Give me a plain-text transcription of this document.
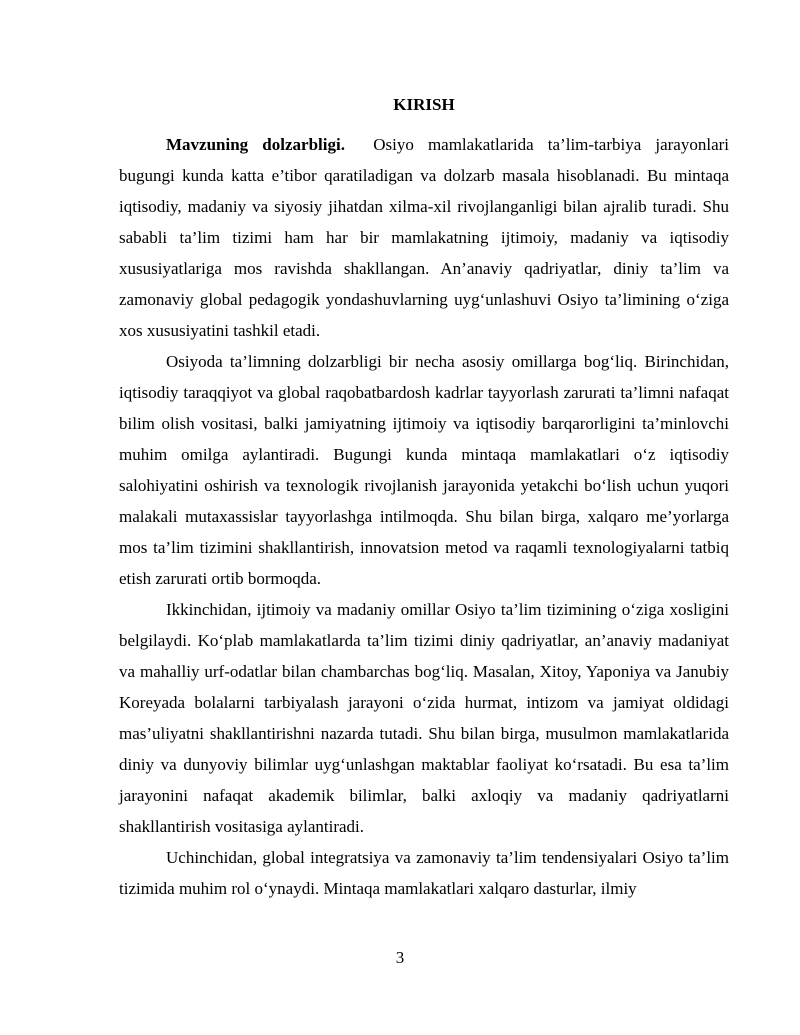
KIRISH

Mavzuning dolzarbligi. Osiyo mamlakatlarida ta’lim-tarbiya jarayonlari bugungi kunda katta e’tibor qaratiladigan va dolzarb masala hisoblanadi. Bu mintaqa iqtisodiy, madaniy va siyosiy jihatdan xilma-xil rivojlanganligi bilan ajralib turadi. Shu sababli ta’lim tizimi ham har bir mamlakatning ijtimoiy, madaniy va iqtisodiy xususiyatlariga mos ravishda shakllangan. An’anaviy qadriyatlar, diniy ta’lim va zamonaviy global pedagogik yondashuvlarning uyg‘unlashuvi Osiyo ta’limining o‘ziga xos xususiyatini tashkil etadi.

Osiyoda ta’limning dolzarbligi bir necha asosiy omillarga bog‘liq. Birinchidan, iqtisodiy taraqqiyot va global raqobatbardosh kadrlar tayyorlash zarurati ta’limni nafaqat bilim olish vositasi, balki jamiyatning ijtimoiy va iqtisodiy barqarorligini ta’minlovchi muhim omilga aylantiradi. Bugungi kunda mintaqa mamlakatlari o‘z iqtisodiy salohiyatini oshirish va texnologik rivojlanish jarayonida yetakchi bo‘lish uchun yuqori malakali mutaxassislar tayyorlashga intilmoqda. Shu bilan birga, xalqaro me’yorlarga mos ta’lim tizimini shakllantirish, innovatsion metod va raqamli texnologiyalarni tatbiq etish zarurati ortib bormoqda.

Ikkinchidan, ijtimoiy va madaniy omillar Osiyo ta’lim tizimining o‘ziga xosligini belgilaydi. Ko‘plab mamlakatlarda ta’lim tizimi diniy qadriyatlar, an’anaviy madaniyat va mahalliy urf-odatlar bilan chambarchas bog‘liq. Masalan, Xitoy, Yaponiya va Janubiy Koreyada bolalarni tarbiyalash jarayoni o‘zida hurmat, intizom va jamiyat oldidagi mas’uliyatni shakllantirishni nazarda tutadi. Shu bilan birga, musulmon mamlakatlarida diniy va dunyoviy bilimlar uyg‘unlashgan maktablar faoliyat ko‘rsatadi. Bu esa ta’lim jarayonini nafaqat akademik bilimlar, balki axloqiy va madaniy qadriyatlarni shakllantirish vositasiga aylantiradi.

Uchinchidan, global integratsiya va zamonaviy ta’lim tendensiyalari Osiyo ta’lim tizimida muhim rol o‘ynaydi. Mintaqa mamlakatlari xalqaro dasturlar, ilmiy

3
